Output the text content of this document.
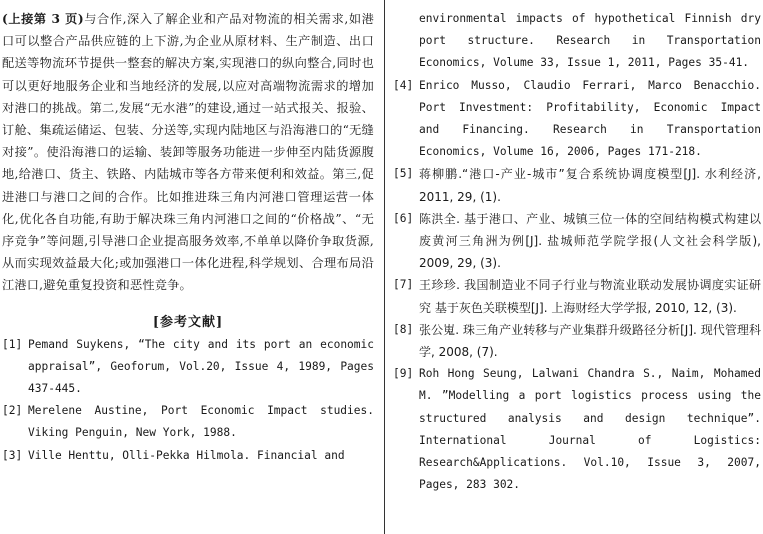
(上接第 3 页)与合作,深入了解企业和产品对物流的相关需求,如港口可以整合产品供应链的上下游,为企业从原材料、生产制造、出口配送等物流环节提供一整套的解决方案,实现港口的纵向整合,同时也可以更好地服务企业和当地经济的发展,以应对高端物流需求的增加对港口的挑战。第二,发展“无水港”的建设,通过一站式报关、报验、订舱、集疏运储运、包装、分送等,实现内陆地区与沿海港口的“无缝对接”。使沿海港口的运输、装卸等服务功能进一步伸至内陆货源腹地,给港口、货主、铁路、内陆城市等各方带来便利和效益。第三,促进港口与港口之间的合作。比如推进珠三角内河港口管理运营一体化,优化各自功能,有助于解决珠三角内河港口之间的“价格战”、“无序竞争”等问题,引导港口企业提高服务效率,不单单以降价争取货源,从而实现效益最大化;或加强港口一体化进程,科学规划、合理布局沿江港口,避免重复投资和恶性竞争。

[参考文献]
[1] Pemand Suykens, “The city and its port an economic appraisal”, Geoforum, Vol.20, Issue 4, 1989, Pages 437-445.
[2] Merelene Austine, Port Economic Impact studies. Viking Penguin, New York, 1988.
[3] Ville Henttu, Olli-Pekka Hilmola. Financial and

environmental impacts of hypothetical Finnish dry port structure. Research in Transportation Economics, Volume 33, Issue 1, 2011, Pages 35-41.

[4] Enrico Musso, Claudio Ferrari, Marco Benacchio. Port Investment: Profitability, Economic Impact and Financing. Research in Transportation Economics, Volume 16, 2006, Pages 171-218.
[5] 蒋柳鹏.“港口-产业-城市”复合系统协调度模型[J]. 水利经济, 2011, 29, (1).
[6] 陈洪全. 基于港口、产业、城镇三位一体的空间结构模式构建以废黄河三角洲为例[J]. 盐城师范学院学报(人文社会科学版), 2009, 29, (3).
[7] 王珍珍. 我国制造业不同子行业与物流业联动发展协调度实证研究 基于灰色关联模型[J]. 上海财经大学学报, 2010, 12, (3).
[8] 张公嵬. 珠三角产业转移与产业集群升级路径分析[J]. 现代管理科学, 2008, (7).
[9] Roh Hong Seung, Lalwani Chandra S., Naim, Mohamed M. ”Modelling a port logistics process using the structured analysis and design technique”. International Journal of Logistics: Research&Applications. Vol.10, Issue 3, 2007, Pages, 283 302.
